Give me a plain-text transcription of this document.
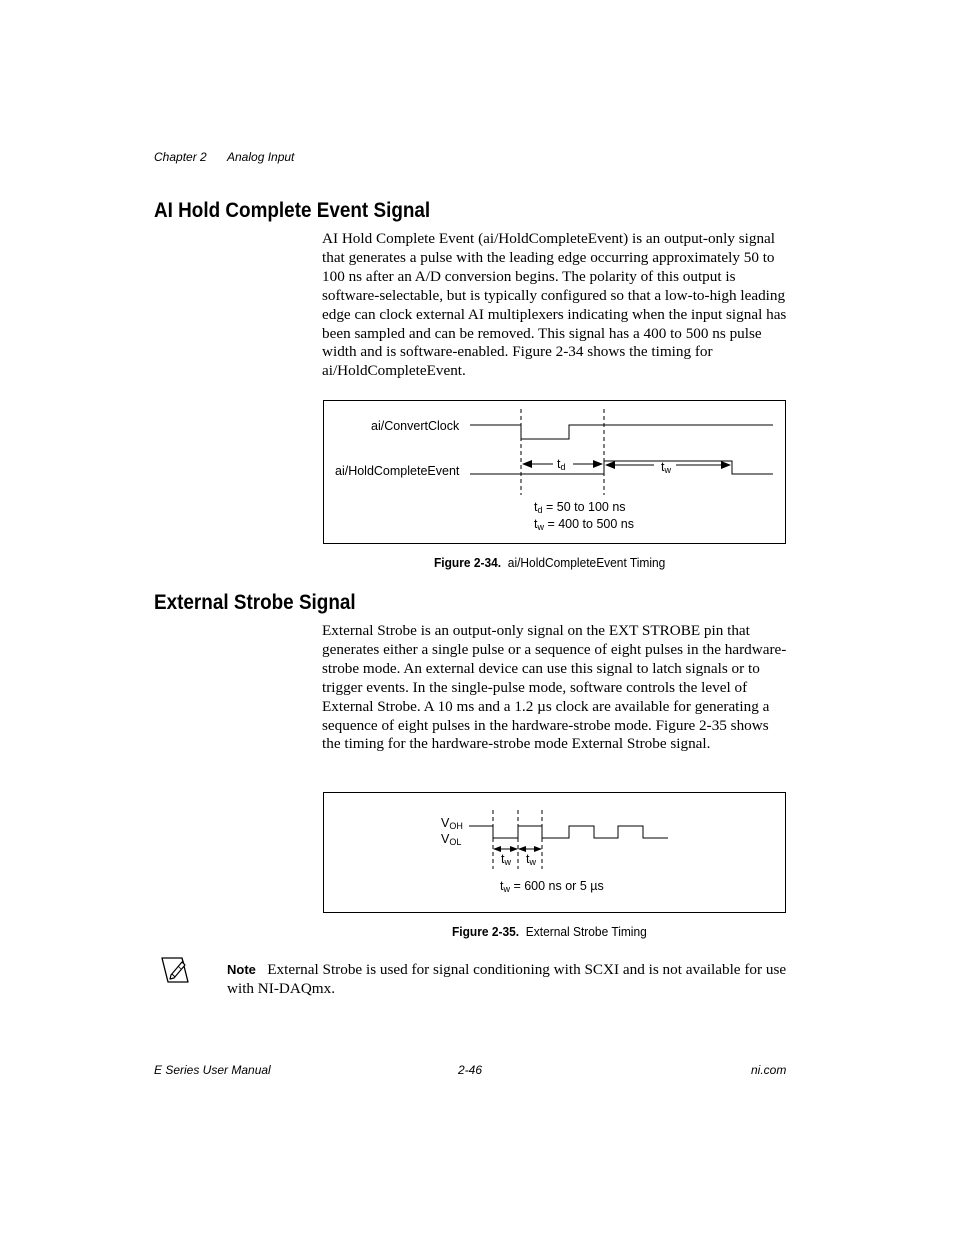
Chapter 2 Analog Input
AI Hold Complete Event Signal
AI Hold Complete Event (ai/HoldCompleteEvent) is an output-only signal that generates a pulse with the leading edge occurring approximately 50 to 100 ns after an A/D conversion begins. The polarity of this output is software-selectable, but is typically configured so that a low-to-high leading edge can clock external AI multiplexers indicating when the input signal has been sampled and can be removed. This signal has a 400 to 500 ns pulse width and is software-enabled. Figure 2-34 shows the timing for ai/HoldCompleteEvent.
ai/ConvertClock
ai/HoldCompleteEvent	$t_d$	$t_w$
$t_d = 50$ to 100 ns
$t_w = 400$ to 500 ns
Figure 2-34. ai/HoldCompleteEvent Timing
External Strobe Signal
External Strobe is an output-only signal on the EXT STROBE pin that generates either a single pulse or a sequence of eight pulses in the hardware-strobe mode. An external device can use this signal to latch signals or to trigger events. In the single-pulse mode, software controls the level of External Strobe. A 10 ms and a 1.2 µs clock are available for generating a sequence of eight pulses in the hardware-strobe mode. Figure 2-35 shows the timing for the hardware-strobe mode External Strobe signal.
$V_{OH}$
$V_{OL}$
$t_w$ $t_w$
$t_w = 600$ ns or 5 µs
Figure 2-35. External Strobe Timing
Note External Strobe is used for signal conditioning with SCXI and is not available for use with NI-DAQmx.
E Series User Manual	2-46	ni.com
